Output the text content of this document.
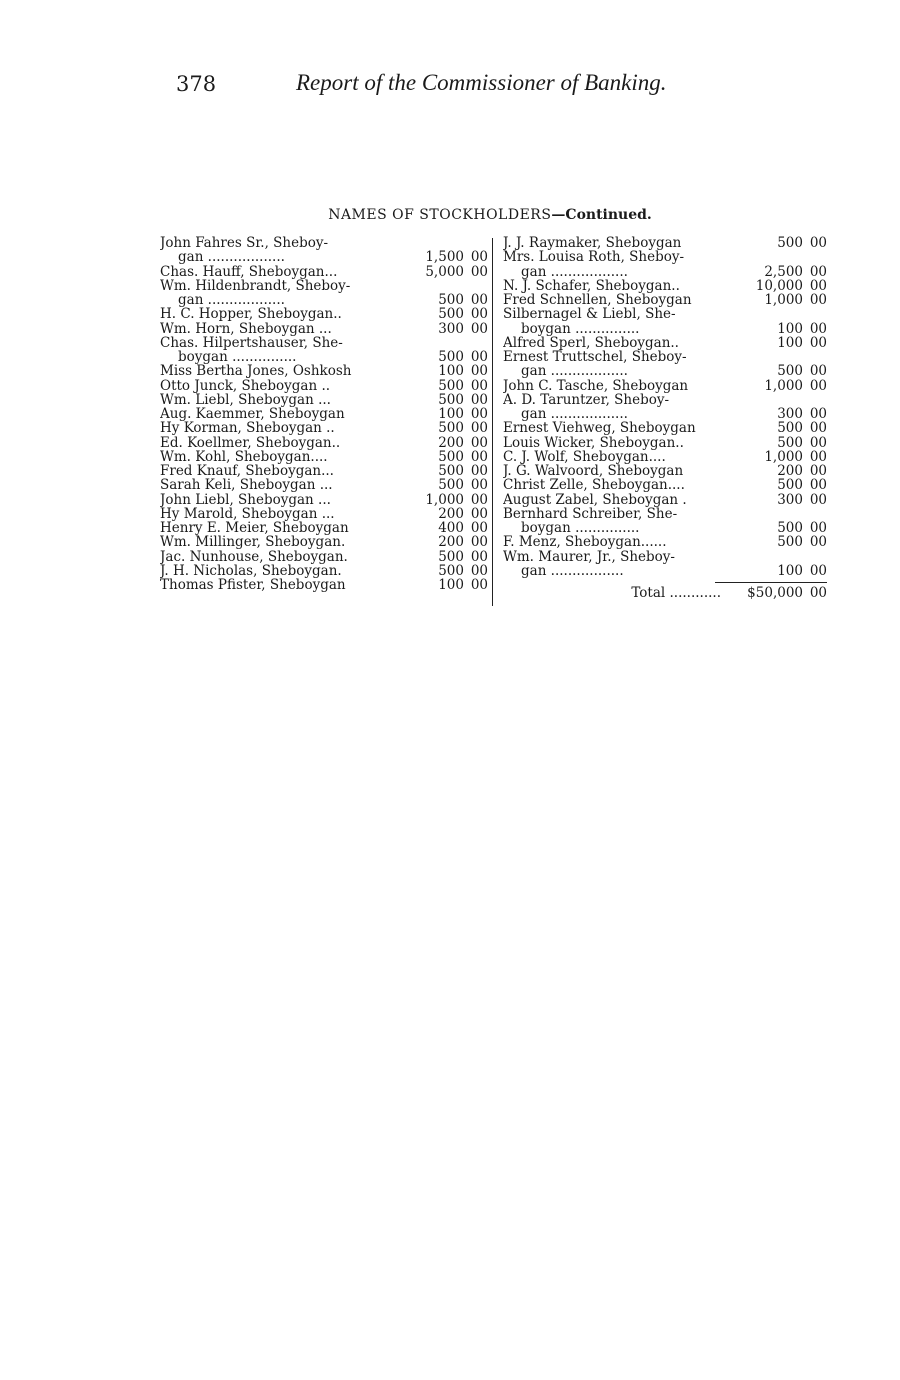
378	Report of the Commissioner of Banking.
NAMES OF STOCKHOLDERS—Continued.
John Fahres Sr., Sheboy-
gan ..................	1,500 00
Chas. Hauff, Sheboygan...	5,000 00
Wm. Hildenbrandt, Sheboy-
gan ..................	500 00
H. C. Hopper, Sheboygan..	500 00
Wm. Horn, Sheboygan ...	300 00
Chas. Hilpertshauser, She-
boygan ...............	500 00
Miss Bertha Jones, Oshkosh	100 00
Otto Junck, Sheboygan ..	500 00
Wm. Liebl, Sheboygan ...	500 00
Aug. Kaemmer, Sheboygan	100 00
Hy Korman, Sheboygan ..	500 00
Ed. Koellmer, Sheboygan..	200 00
Wm. Kohl, Sheboygan....	500 00
Fred Knauf, Sheboygan...	500 00
Sarah Keli, Sheboygan ...	500 00
John Liebl, Sheboygan ...	1,000 00
Hy Marold, Sheboygan ...	200 00
Henry E. Meier, Sheboygan	400 00
Wm. Millinger, Sheboygan.	200 00
Jac. Nunhouse, Sheboygan.	500 00
J. H. Nicholas, Sheboygan.	500 00
Thomas Pfister, Sheboygan	100 00
J. J. Raymaker, Sheboygan	500 00
Mrs. Louisa Roth, Sheboy-
gan ..................	2,500 00
N. J. Schafer, Sheboygan..	10,000 00
Fred Schnellen, Sheboygan	1,000 00
Silbernagel & Liebl, She-
boygan ...............	100 00
Alfred Sperl, Sheboygan..	100 00
Ernest Truttschel, Sheboy-
gan ..................	500 00
John C. Tasche, Sheboygan	1,000 00
A. D. Taruntzer, Sheboy-
gan ..................	300 00
Ernest Viehweg, Sheboygan	500 00
Louis Wicker, Sheboygan..	500 00
C. J. Wolf, Sheboygan....	1,000 00
J. G. Walvoord, Sheboygan	200 00
Christ Zelle, Sheboygan....	500 00
August Zabel, Sheboygan .	300 00
Bernhard Schreiber, She-
boygan ...............	500 00
F. Menz, Sheboygan......	500 00
Wm. Maurer, Jr., Sheboy-
gan .................	100 00
Total ............	$50,000 00
